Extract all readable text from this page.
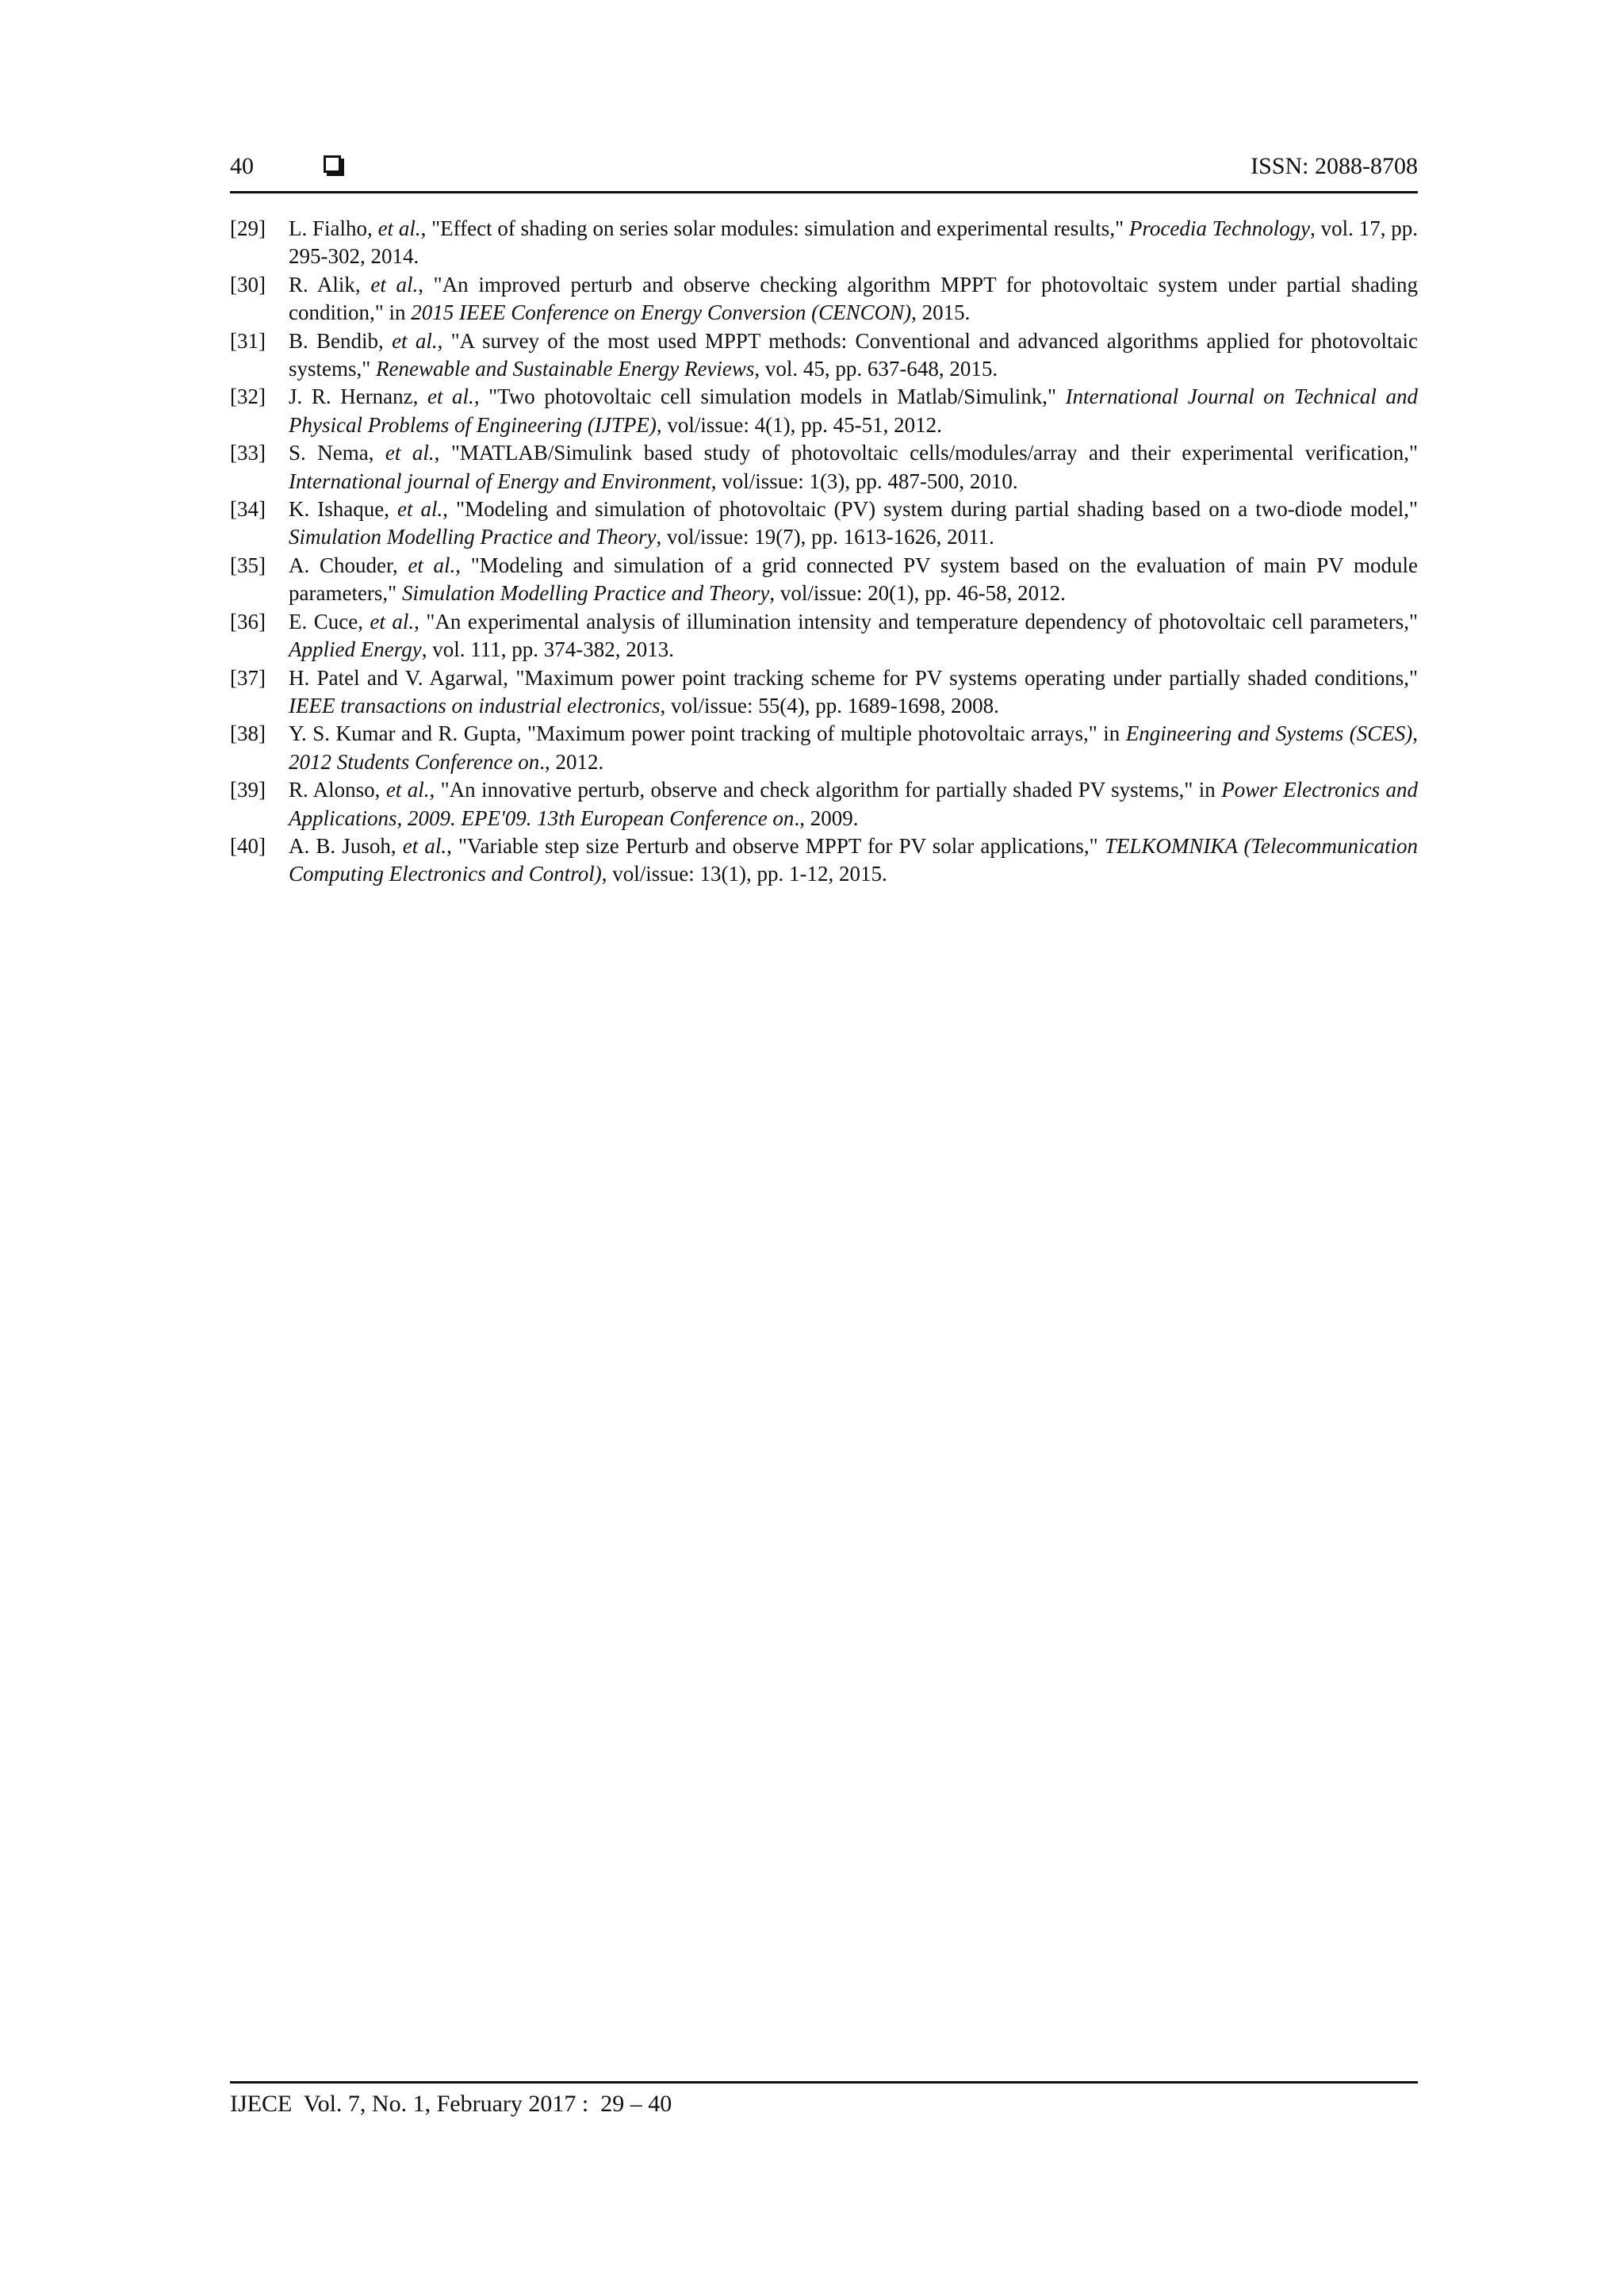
40	ISSN: 2088-8708
[29] L. Fialho, et al., "Effect of shading on series solar modules: simulation and experimental results," Procedia Technology, vol. 17, pp. 295-302, 2014.
[30] R. Alik, et al., "An improved perturb and observe checking algorithm MPPT for photovoltaic system under partial shading condition," in 2015 IEEE Conference on Energy Conversion (CENCON), 2015.
[31] B. Bendib, et al., "A survey of the most used MPPT methods: Conventional and advanced algorithms applied for photovoltaic systems," Renewable and Sustainable Energy Reviews, vol. 45, pp. 637-648, 2015.
[32] J. R. Hernanz, et al., "Two photovoltaic cell simulation models in Matlab/Simulink," International Journal on Technical and Physical Problems of Engineering (IJTPE), vol/issue: 4(1), pp. 45-51, 2012.
[33] S. Nema, et al., "MATLAB/Simulink based study of photovoltaic cells/modules/array and their experimental verification," International journal of Energy and Environment, vol/issue: 1(3), pp. 487-500, 2010.
[34] K. Ishaque, et al., "Modeling and simulation of photovoltaic (PV) system during partial shading based on a two-diode model," Simulation Modelling Practice and Theory, vol/issue: 19(7), pp. 1613-1626, 2011.
[35] A. Chouder, et al., "Modeling and simulation of a grid connected PV system based on the evaluation of main PV module parameters," Simulation Modelling Practice and Theory, vol/issue: 20(1), pp. 46-58, 2012.
[36] E. Cuce, et al., "An experimental analysis of illumination intensity and temperature dependency of photovoltaic cell parameters," Applied Energy, vol. 111, pp. 374-382, 2013.
[37] H. Patel and V. Agarwal, "Maximum power point tracking scheme for PV systems operating under partially shaded conditions," IEEE transactions on industrial electronics, vol/issue: 55(4), pp. 1689-1698, 2008.
[38] Y. S. Kumar and R. Gupta, "Maximum power point tracking of multiple photovoltaic arrays," in Engineering and Systems (SCES), 2012 Students Conference on., 2012.
[39] R. Alonso, et al., "An innovative perturb, observe and check algorithm for partially shaded PV systems," in Power Electronics and Applications, 2009. EPE'09. 13th European Conference on., 2009.
[40] A. B. Jusoh, et al., "Variable step size Perturb and observe MPPT for PV solar applications," TELKOMNIKA (Telecommunication Computing Electronics and Control), vol/issue: 13(1), pp. 1-12, 2015.
IJECE  Vol. 7, No. 1, February 2017 :  29 – 40
